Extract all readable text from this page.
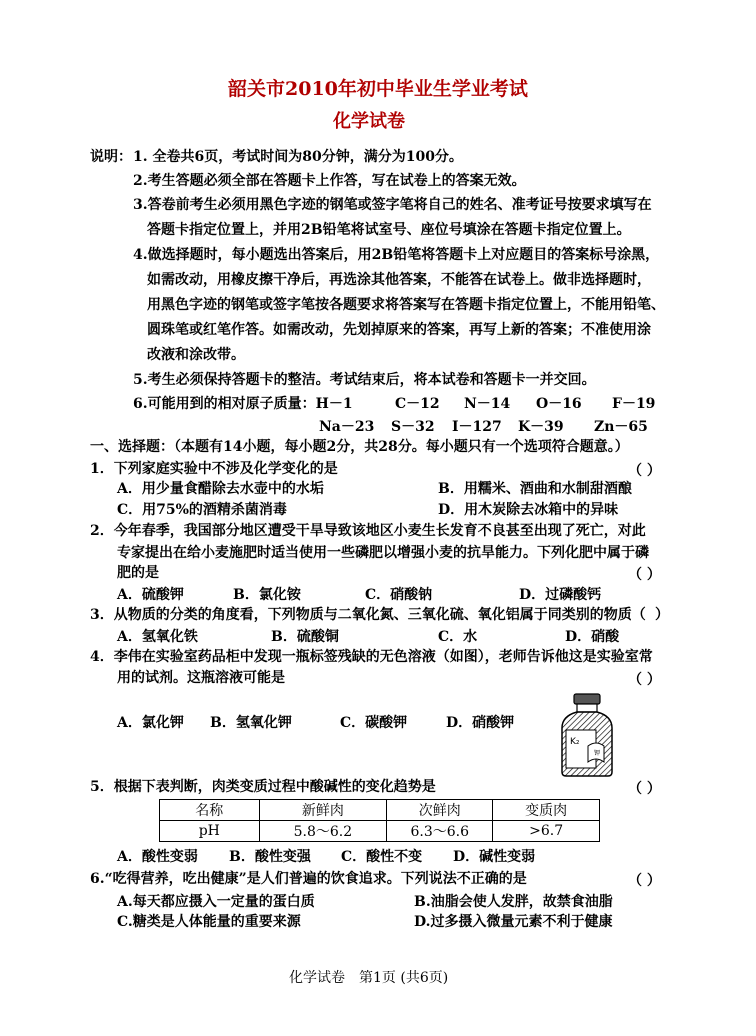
韶关市2010年初中毕业生学业考试
化学试卷
说明： 1. 全卷共6页，考试时间为80分钟，满分为100分。
2.考生答题必须全部在答题卡上作答，写在试卷上的答案无效。
3.答卷前考生必须用黑色字迹的钢笔或签字笔将自己的姓名、准考证号按要求填写在
答题卡指定位置上，并用2B铅笔将试室号、座位号填涂在答题卡指定位置上。
4.做选择题时，每小题选出答案后，用2B铅笔将答题卡上对应题目的答案标号涂黑，
如需改动，用橡皮擦干净后，再选涂其他答案，不能答在试卷上。做非选择题时，
用黑色字迹的钢笔或签字笔按各题要求将答案写在答题卡指定位置上，不能用铅笔、
圆珠笔或红笔作答。如需改动，先划掉原来的答案，再写上新的答案；不准使用涂
改液和涂改带。
5.考生必须保持答题卡的整洁。考试结束后，将本试卷和答题卡一并交回。
6.可能用到的相对原子质量：H－1	C－12 N－14 O－16 F－19
Na－23 S－32 I－127 K－39 Zn－65
一、选择题：（本题有14小题，每小题2分，共28分。每小题只有一个选项符合题意。）
1．下列家庭实验中不涉及化学变化的是	（ ）
A．用少量食醋除去水壶中的水垢	B．用糯米、酒曲和水制甜酒酿
C．用75%的酒精杀菌消毒	D．用木炭除去冰箱中的异味
2．今年春季，我国部分地区遭受干旱导致该地区小麦生长发育不良甚至出现了死亡，对此
专家提出在给小麦施肥时适当使用一些磷肥以增强小麦的抗旱能力。下列化肥中属于磷
肥的是	（ ）
A．硫酸钾	B．氯化铵	C．硝酸钠	D．过磷酸钙
3．从物质的分类的角度看，下列物质与二氧化氮、三氧化硫、氧化铝属于同类别的物质（ ）
A．氢氧化铁	B．硫酸铜	C．水	D．硝酸
4．李伟在实验室药品柜中发现一瓶标签残缺的无色溶液（如图），老师告诉他这是实验室常
用的试剂。这瓶溶液可能是	（ ）
A．氯化钾 B．氢氧化钾	C．碳酸钾	D．硝酸钾
K₂
钾
5．根据下表判断，肉类变质过程中酸碱性的变化趋势是	（ ）
名称	新鲜肉	次鲜肉	变质肉
pH	5.8～6.2	6.3～6.6	>6.7
A．酸性变弱 B．酸性变强 C．酸性不变 D．碱性变弱
6.“吃得营养，吃出健康”是人们普遍的饮食追求。下列说法不正确的是	（ ）
A.每天都应摄入一定量的蛋白质	B.油脂会使人发胖，故禁食油脂
C.糖类是人体能量的重要来源	D.过多摄入微量元素不利于健康
化学试卷　第1页 (共6页)
